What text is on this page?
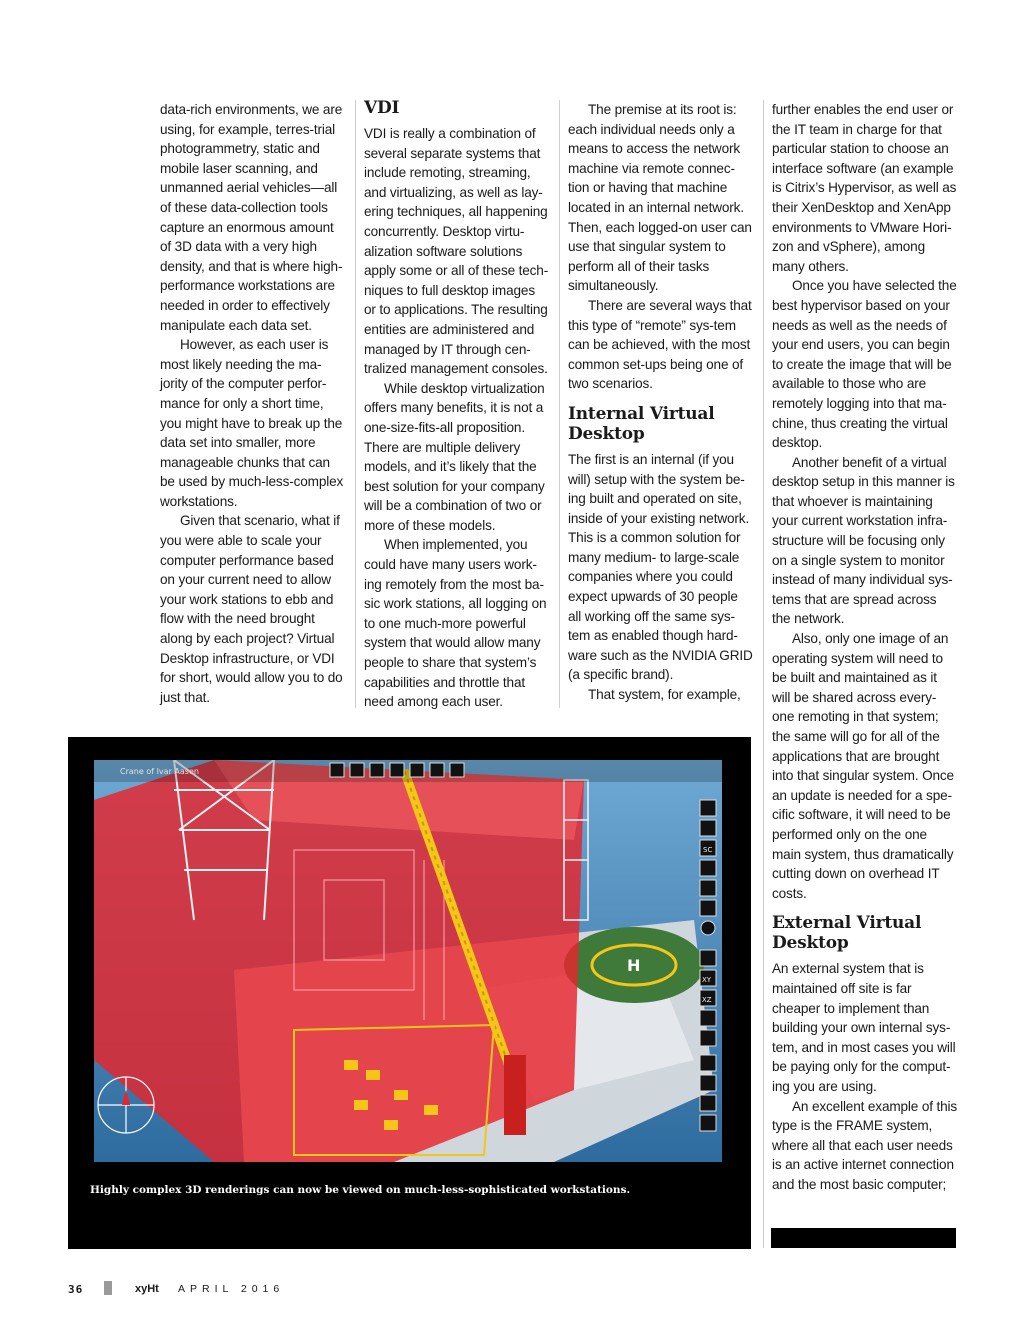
data-rich environments, we are using, for example, terres-trial photogrammetry, static and mobile laser scanning, and unmanned aerial vehicles—all of these data-collection tools capture an enormous amount of 3D data with a very high density, and that is where high-performance workstations are needed in order to effectively manipulate each data set.

However, as each user is most likely needing the ma-jority of the computer perfor-mance for only a short time, you might have to break up the data set into smaller, more manageable chunks that can be used by much-less-complex workstations.

Given that scenario, what if you were able to scale your computer performance based on your current need to allow your work stations to ebb and flow with the need brought along by each project? Virtual Desktop infrastructure, or VDI for short, would allow you to do just that.

VDI

VDI is really a combination of several separate systems that include remoting, streaming, and virtualizing, as well as lay-ering techniques, all happening concurrently. Desktop virtu-alization software solutions apply some or all of these tech-niques to full desktop images or to applications. The resulting entities are administered and managed by IT through cen-tralized management consoles.

While desktop virtualization offers many benefits, it is not a one-size-fits-all proposition. There are multiple delivery models, and it’s likely that the best solution for your company will be a combination of two or more of these models.

When implemented, you could have many users work-ing remotely from the most ba-sic work stations, all logging on to one much-more powerful system that would allow many people to share that system’s capabilities and throttle that need among each user.

The premise at its root is: each individual needs only a means to access the network machine via remote connec-tion or having that machine located in an internal network. Then, each logged-on user can use that singular system to perform all of their tasks simultaneously.

There are several ways that this type of “remote” sys-tem can be achieved, with the most common set-ups being one of two scenarios.

Internal Virtual Desktop

The first is an internal (if you will) setup with the system be-ing built and operated on site, inside of your existing network. This is a common solution for many medium- to large-scale companies where you could expect upwards of 30 people all working off the same sys-tem as enabled though hard-ware such as the NVIDIA GRID (a specific brand).

That system, for example,

further enables the end user or the IT team in charge for that particular station to choose an interface software (an example is Citrix’s Hypervisor, as well as their XenDesktop and XenApp environments to VMware Hori-zon and vSphere), among many others.

Once you have selected the best hypervisor based on your needs as well as the needs of your end users, you can begin to create the image that will be available to those who are remotely logging into that ma-chine, thus creating the virtual desktop.

Another benefit of a virtual desktop setup in this manner is that whoever is maintaining your current workstation infra-structure will be focusing only on a single system to monitor instead of many individual sys-tems that are spread across the network.

Also, only one image of an operating system will need to be built and maintained as it will be shared across every-one remoting in that system; the same will go for all of the applications that are brought into that singular system. Once an update is needed for a spe-cific software, it will need to be performed only on the one main system, thus dramatically cutting down on overhead IT costs.

External Virtual Desktop

An external system that is maintained off site is far cheaper to implement than building your own internal sys-tem, and in most cases you will be paying only for the comput-ing you are using.

An excellent example of this type is the FRAME system, where all that each user needs is an active internet connection and the most basic computer;

H
Crane of Ivar Aasen
SC
XY
XZ
Highly complex 3D renderings can now be viewed on much-less-sophisticated workstations.
36	xyHt APRIL 2016
